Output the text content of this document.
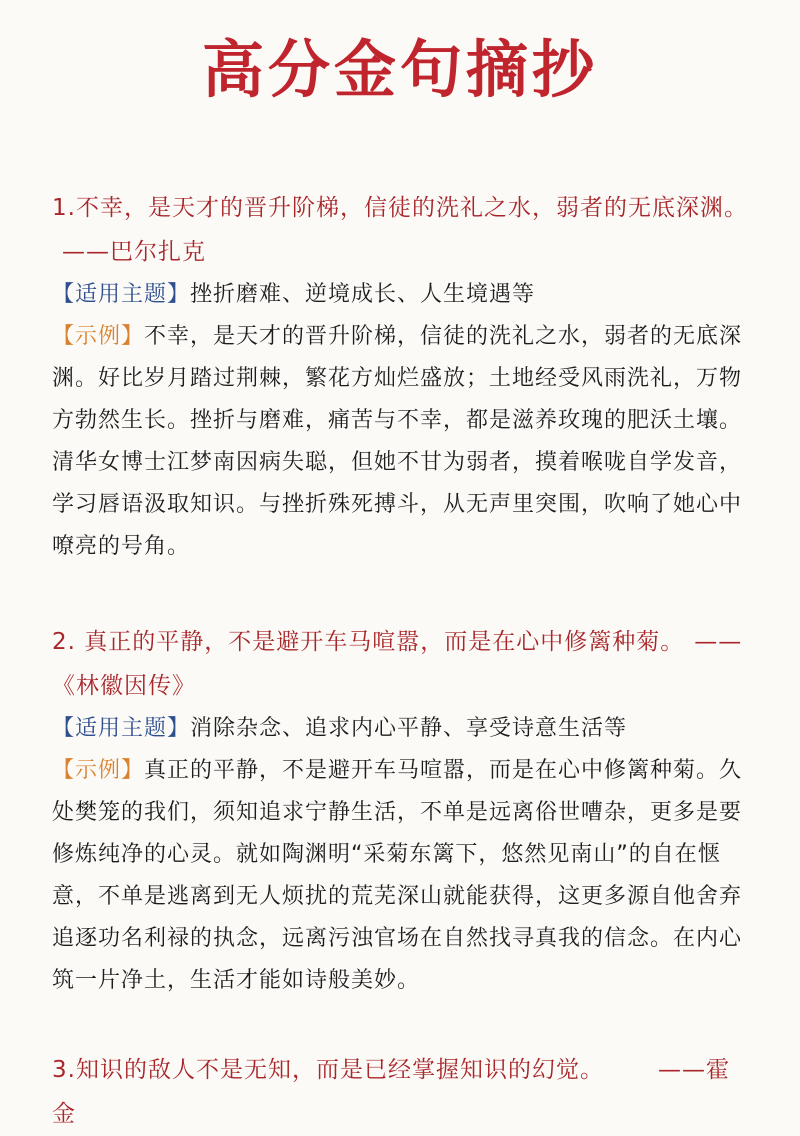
高分金句摘抄
1.不幸，是天才的晋升阶梯，信徒的洗礼之水，弱者的无底深渊。——巴尔扎克
【适用主题】挫折磨难、逆境成长、人生境遇等
【示例】不幸，是天才的晋升阶梯，信徒的洗礼之水，弱者的无底深渊。好比岁月踏过荆棘，繁花方灿烂盛放；土地经受风雨洗礼，万物方勃然生长。挫折与磨难，痛苦与不幸，都是滋养玫瑰的肥沃土壤。清华女博士江梦南因病失聪，但她不甘为弱者，摸着喉咙自学发音，学习唇语汲取知识。与挫折殊死搏斗，从无声里突围，吹响了她心中嘹亮的号角。
2. 真正的平静，不是避开车马喧嚣，而是在心中修篱种菊。 ——《林徽因传》
【适用主题】消除杂念、追求内心平静、享受诗意生活等
【示例】真正的平静，不是避开车马喧嚣，而是在心中修篱种菊。久处樊笼的我们，须知追求宁静生活，不单是远离俗世嘈杂，更多是要修炼纯净的心灵。就如陶渊明“采菊东篱下，悠然见南山”的自在惬意，不单是逃离到无人烦扰的荒芜深山就能获得，这更多源自他舍弃追逐功名利禄的执念，远离污浊官场在自然找寻真我的信念。在内心筑一片净土，生活才能如诗般美妙。
3.知识的敌人不是无知，而是已经掌握知识的幻觉。 ——霍金
